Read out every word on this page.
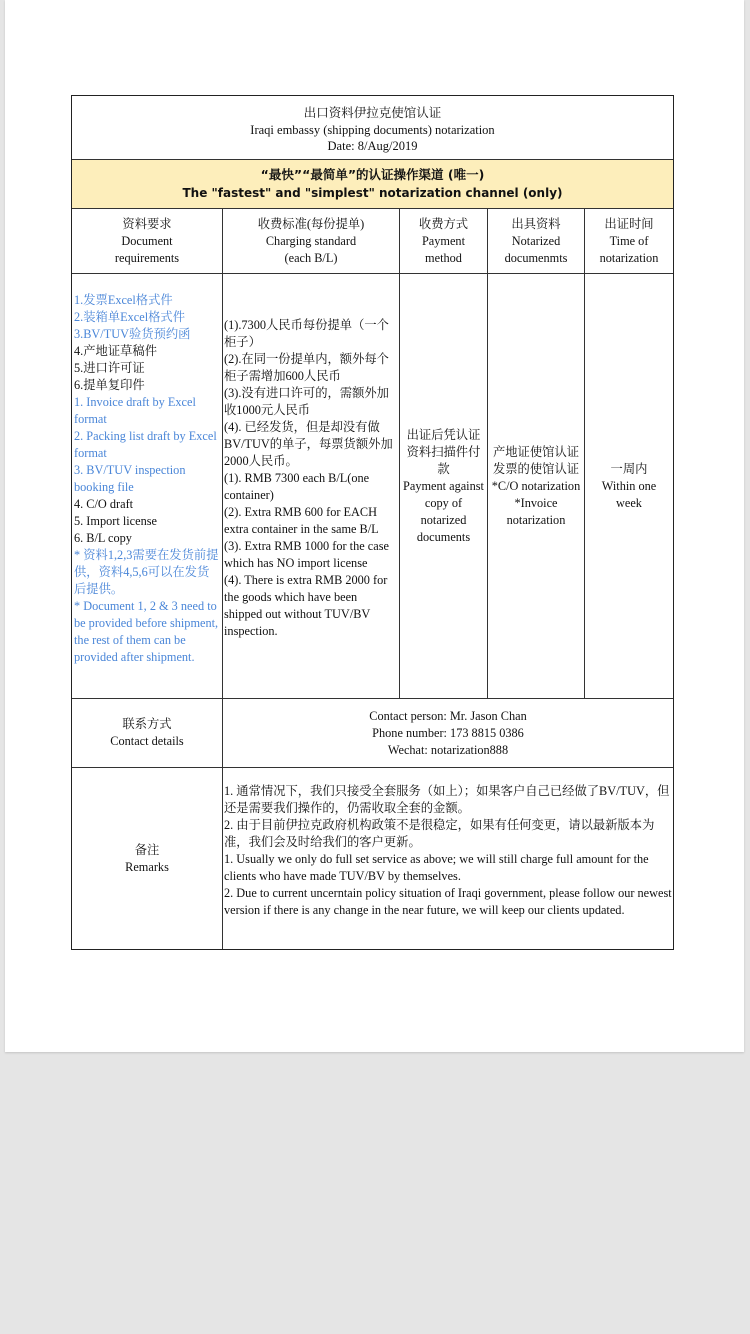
出口资料伊拉克使馆认证
Iraqi embassy (shipping documents) notarization
Date: 8/Aug/2019
“最快”“最简单”的认证操作渠道 (唯一)
The "fastest" and "simplest" notarization channel (only)
资料要求
Document
requirements
收费标准(每份提单)
Charging standard
(each B/L)
收费方式
Payment
method
出具资料
Notarized
documenmts
出证时间
Time of
notarization
1.发票Excel格式件
2.装箱单Excel格式件
3.BV/TUV验货预约函
4.产地证草稿件
5.进口许可证
6.提单复印件
1. Invoice draft by Excel format
2. Packing list draft by Excel format
3. BV/TUV inspection booking file
4. C/O draft
5. Import license
6. B/L copy
* 资料1,2,3需要在发货前提供，资料4,5,6可以在发货后提供。
* Document 1, 2 & 3 need to be provided before shipment, the rest of them can be provided after shipment.
(1).7300人民币每份提单（一个柜子）
(2).在同一份提单内，额外每个柜子需增加600人民币
(3).没有进口许可的，需额外加收1000元人民币
(4). 已经发货，但是却没有做BV/TUV的单子，每票货额外加2000人民币。
(1). RMB 7300 each B/L(one container)
(2). Extra RMB 600 for EACH extra container in the same B/L
(3). Extra RMB 1000 for the case which has NO import license
(4). There is extra RMB 2000 for the goods which have been shipped out without TUV/BV inspection.
出证后凭认证资料扫描件付款
Payment against copy of notarized documents
产地证使馆认证 发票的使馆认证
*C/O notarization
*Invoice notarization
一周内
Within one week
联系方式
Contact details
Contact person: Mr. Jason Chan
Phone number: 173 8815 0386
Wechat: notarization888
备注
Remarks
1. 通常情况下，我们只接受全套服务（如上）；如果客户自己已经做了BV/TUV，但还是需要我们操作的，仍需收取全套的金额。
2. 由于目前伊拉克政府机构政策不是很稳定，如果有任何变更，请以最新版本为准，我们会及时给我们的客户更新。
1. Usually we only do full set service as above; we will still charge full amount for the clients who have made TUV/BV by themselves.
2. Due to current uncerntain policy situation of Iraqi government, please follow our newest version if there is any change in the near future, we will keep our clients updated.
